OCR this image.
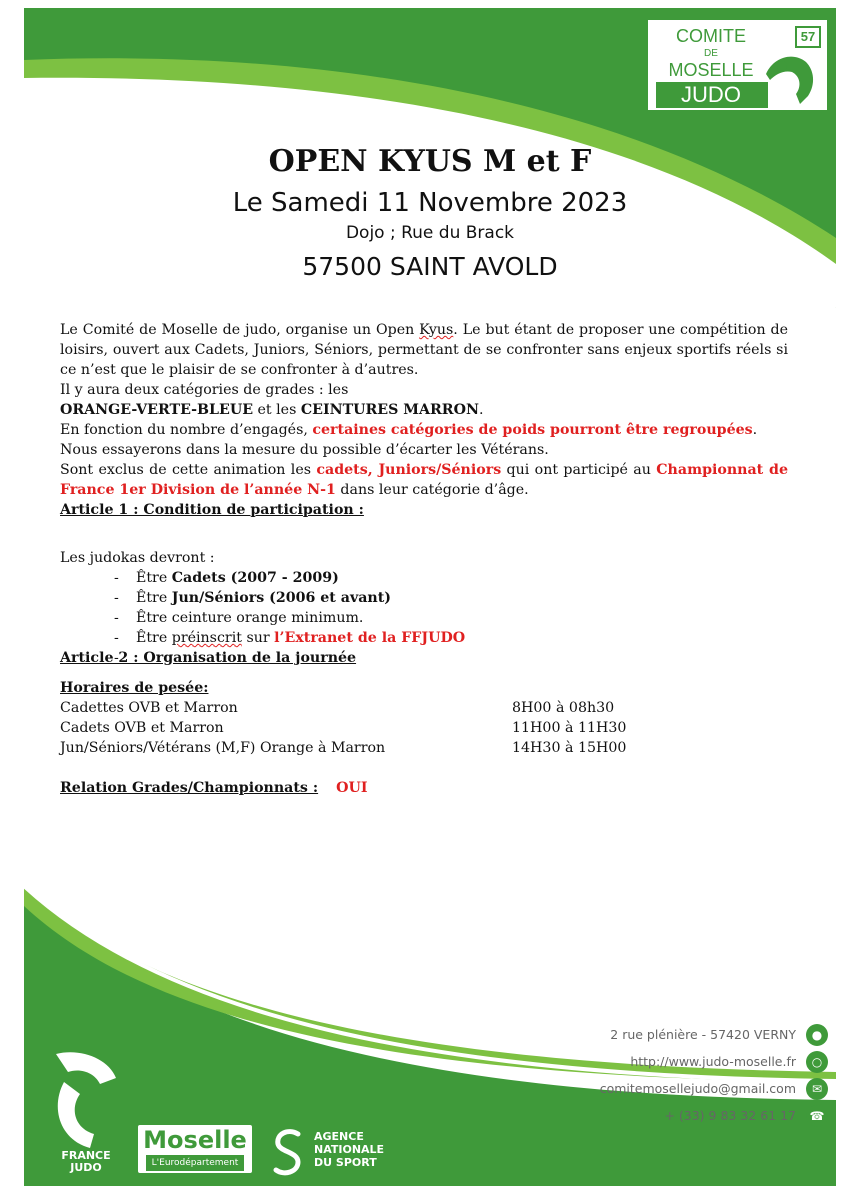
COMITE
DE
MOSELLE
JUDO
57
OPEN KYUS M et F
Le Samedi 11 Novembre 2023
Dojo ; Rue du Brack
57500 SAINT AVOLD

Le Comité de Moselle de judo, organise un Open Kyus. Le but étant de proposer une compétition de loisirs, ouvert aux Cadets, Juniors, Séniors, permettant de se confronter sans enjeux sportifs réels si ce n’est que le plaisir de se confronter à d’autres.

Il y aura deux catégories de grades : les

ORANGE-VERTE-BLEUE et les CEINTURES MARRON.

En fonction du nombre d’engagés, certaines catégories de poids pourront être regroupées.

Nous essayerons dans la mesure du possible d’écarter les Vétérans.

Sont exclus de cette animation les cadets, Juniors/Séniors qui ont participé au Championnat de France 1er Division de l’année N-1 dans leur catégorie d’âge.

Article 1 : Condition de participation :

Les judokas devront :

- Être Cadets (2007 - 2009)
- Être Jun/Séniors (2006 et avant)
- Être ceinture orange minimum.
- Être préinscrit sur l’Extranet de la FFJUDO

Article 2 : Organisation de la journée

Horaires de pesée:

Cadettes OVB et Marron	8H00 à 08h30
Cadets OVB et Marron	11H00 à 11H30
Jun/Séniors/Vétérans (M,F) Orange à Marron	14H30 à 15H00

Relation Grades/Championnats : OUI

2 rue plénière - 57420 VERNY
http://www.judo-moselle.fr
comitemosellejudo@gmail.com
+ (33) 9 83 32 61 17
●
○
✉
☎
FRANCE
JUDO
Moselle
L'Eurodépartement
AGENCE
NATIONALE
DU SPORT
